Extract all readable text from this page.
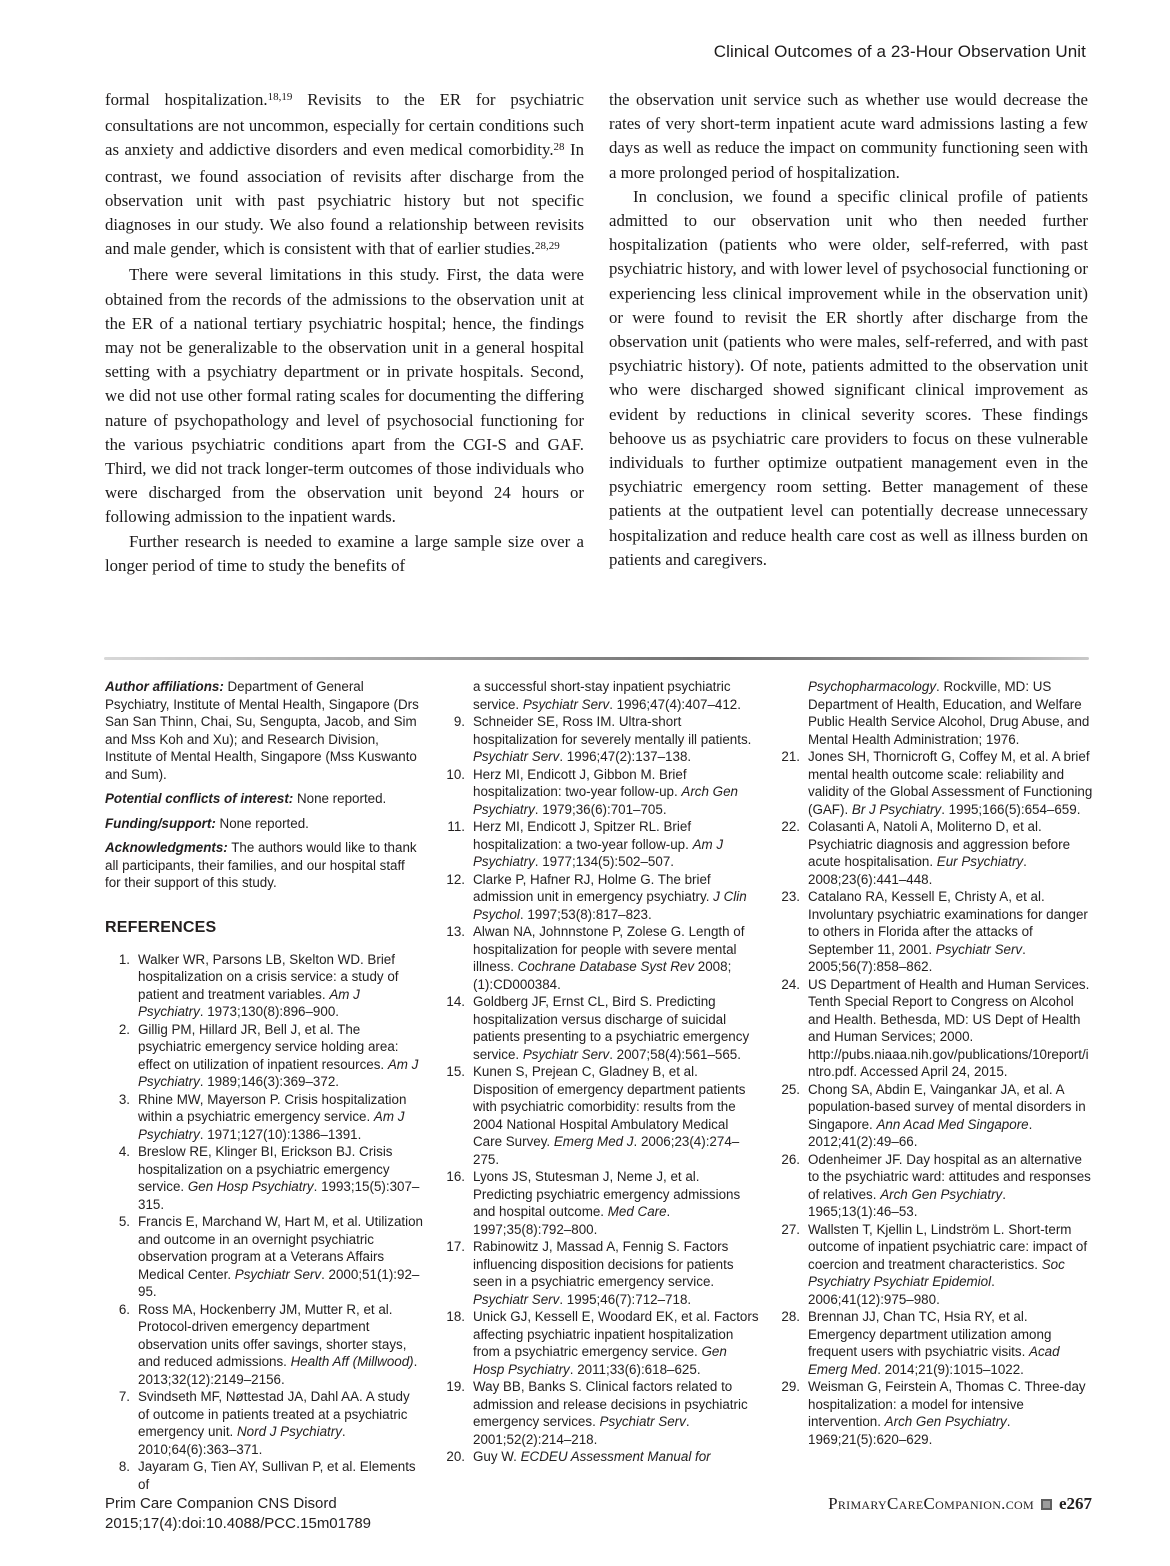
Clinical Outcomes of a 23-Hour Observation Unit

formal hospitalization.$^{18,19}$ Revisits to the ER for psychiatric consultations are not uncommon, especially for certain conditions such as anxiety and addictive disorders and even medical comorbidity.$^{28}$ In contrast, we found association of revisits after discharge from the observation unit with past psychiatric history but not specific diagnoses in our study. We also found a relationship between revisits and male gender, which is consistent with that of earlier studies.$^{28,29}$

There were several limitations in this study. First, the data were obtained from the records of the admissions to the observation unit at the ER of a national tertiary psychiatric hospital; hence, the findings may not be generalizable to the observation unit in a general hospital setting with a psychiatry department or in private hospitals. Second, we did not use other formal rating scales for documenting the differing nature of psychopathology and level of psychosocial functioning for the various psychiatric conditions apart from the CGI-S and GAF. Third, we did not track longer-term outcomes of those individuals who were discharged from the observation unit beyond 24 hours or following admission to the inpatient wards.

Further research is needed to examine a large sample size over a longer period of time to study the benefits of

the observation unit service such as whether use would decrease the rates of very short-term inpatient acute ward admissions lasting a few days as well as reduce the impact on community functioning seen with a more prolonged period of hospitalization.

In conclusion, we found a specific clinical profile of patients admitted to our observation unit who then needed further hospitalization (patients who were older, self-referred, with past psychiatric history, and with lower level of psychosocial functioning or experiencing less clinical improvement while in the observation unit) or were found to revisit the ER shortly after discharge from the observation unit (patients who were males, self-referred, and with past psychiatric history). Of note, patients admitted to the observation unit who were discharged showed significant clinical improvement as evident by reductions in clinical severity scores. These findings behoove us as psychiatric care providers to focus on these vulnerable individuals to further optimize outpatient management even in the psychiatric emergency room setting. Better management of these patients at the outpatient level can potentially decrease unnecessary hospitalization and reduce health care cost as well as illness burden on patients and caregivers.

Author affiliations: Department of General Psychiatry, Institute of Mental Health, Singapore (Drs San San Thinn, Chai, Su, Sengupta, Jacob, and Sim and Mss Koh and Xu); and Research Division, Institute of Mental Health, Singapore (Mss Kuswanto and Sum).

Potential conflicts of interest: None reported.

Funding/support: None reported.

Acknowledgments: The authors would like to thank all participants, their families, and our hospital staff for their support of this study.

REFERENCES
1. Walker WR, Parsons LB, Skelton WD. Brief hospitalization on a crisis service: a study of patient and treatment variables. Am J Psychiatry. 1973;130(8):896–900.
2. Gillig PM, Hillard JR, Bell J, et al. The psychiatric emergency service holding area: effect on utilization of inpatient resources. Am J Psychiatry. 1989;146(3):369–372.
3. Rhine MW, Mayerson P. Crisis hospitalization within a psychiatric emergency service. Am J Psychiatry. 1971;127(10):1386–1391.
4. Breslow RE, Klinger BI, Erickson BJ. Crisis hospitalization on a psychiatric emergency service. Gen Hosp Psychiatry. 1993;15(5):307–315.
5. Francis E, Marchand W, Hart M, et al. Utilization and outcome in an overnight psychiatric observation program at a Veterans Affairs Medical Center. Psychiatr Serv. 2000;51(1):92–95.
6. Ross MA, Hockenberry JM, Mutter R, et al. Protocol-driven emergency department observation units offer savings, shorter stays, and reduced admissions. Health Aff (Millwood). 2013;32(12):2149–2156.
7. Svindseth MF, Nøttestad JA, Dahl AA. A study of outcome in patients treated at a psychiatric emergency unit. Nord J Psychiatry. 2010;64(6):363–371.
8. Jayaram G, Tien AY, Sullivan P, et al. Elements of
a successful short-stay inpatient psychiatric service. Psychiatr Serv. 1996;47(4):407–412.
9. Schneider SE, Ross IM. Ultra-short hospitalization for severely mentally ill patients. Psychiatr Serv. 1996;47(2):137–138.
10. Herz MI, Endicott J, Gibbon M. Brief hospitalization: two-year follow-up. Arch Gen Psychiatry. 1979;36(6):701–705.
11. Herz MI, Endicott J, Spitzer RL. Brief hospitalization: a two-year follow-up. Am J Psychiatry. 1977;134(5):502–507.
12. Clarke P, Hafner RJ, Holme G. The brief admission unit in emergency psychiatry. J Clin Psychol. 1997;53(8):817–823.
13. Alwan NA, Johnnstone P, Zolese G. Length of hospitalization for people with severe mental illness. Cochrane Database Syst Rev 2008;(1):CD000384.
14. Goldberg JF, Ernst CL, Bird S. Predicting hospitalization versus discharge of suicidal patients presenting to a psychiatric emergency service. Psychiatr Serv. 2007;58(4):561–565.
15. Kunen S, Prejean C, Gladney B, et al. Disposition of emergency department patients with psychiatric comorbidity: results from the 2004 National Hospital Ambulatory Medical Care Survey. Emerg Med J. 2006;23(4):274–275.
16. Lyons JS, Stutesman J, Neme J, et al. Predicting psychiatric emergency admissions and hospital outcome. Med Care. 1997;35(8):792–800.
17. Rabinowitz J, Massad A, Fennig S. Factors influencing disposition decisions for patients seen in a psychiatric emergency service. Psychiatr Serv. 1995;46(7):712–718.
18. Unick GJ, Kessell E, Woodard EK, et al. Factors affecting psychiatric inpatient hospitalization from a psychiatric emergency service. Gen Hosp Psychiatry. 2011;33(6):618–625.
19. Way BB, Banks S. Clinical factors related to admission and release decisions in psychiatric emergency services. Psychiatr Serv. 2001;52(2):214–218.
20. Guy W. ECDEU Assessment Manual for
Psychopharmacology. Rockville, MD: US Department of Health, Education, and Welfare Public Health Service Alcohol, Drug Abuse, and Mental Health Administration; 1976.
21. Jones SH, Thornicroft G, Coffey M, et al. A brief mental health outcome scale: reliability and validity of the Global Assessment of Functioning (GAF). Br J Psychiatry. 1995;166(5):654–659.
22. Colasanti A, Natoli A, Moliterno D, et al. Psychiatric diagnosis and aggression before acute hospitalisation. Eur Psychiatry. 2008;23(6):441–448.
23. Catalano RA, Kessell E, Christy A, et al. Involuntary psychiatric examinations for danger to others in Florida after the attacks of September 11, 2001. Psychiatr Serv. 2005;56(7):858–862.
24. US Department of Health and Human Services. Tenth Special Report to Congress on Alcohol and Health. Bethesda, MD: US Dept of Health and Human Services; 2000. http://pubs.niaaa.nih.gov/publications/10report/intro.pdf. Accessed April 24, 2015.
25. Chong SA, Abdin E, Vaingankar JA, et al. A population-based survey of mental disorders in Singapore. Ann Acad Med Singapore. 2012;41(2):49–66.
26. Odenheimer JF. Day hospital as an alternative to the psychiatric ward: attitudes and responses of relatives. Arch Gen Psychiatry. 1965;13(1):46–53.
27. Wallsten T, Kjellin L, Lindström L. Short-term outcome of inpatient psychiatric care: impact of coercion and treatment characteristics. Soc Psychiatry Psychiatr Epidemiol. 2006;41(12):975–980.
28. Brennan JJ, Chan TC, Hsia RY, et al. Emergency department utilization among frequent users with psychiatric visits. Acad Emerg Med. 2014;21(9):1015–1022.
29. Weisman G, Feirstein A, Thomas C. Three-day hospitalization: a model for intensive intervention. Arch Gen Psychiatry. 1969;21(5):620–629.
Prim Care Companion CNS Disord
2015;17(4):doi:10.4088/PCC.15m01789
PrimaryCareCompanion.com e267
